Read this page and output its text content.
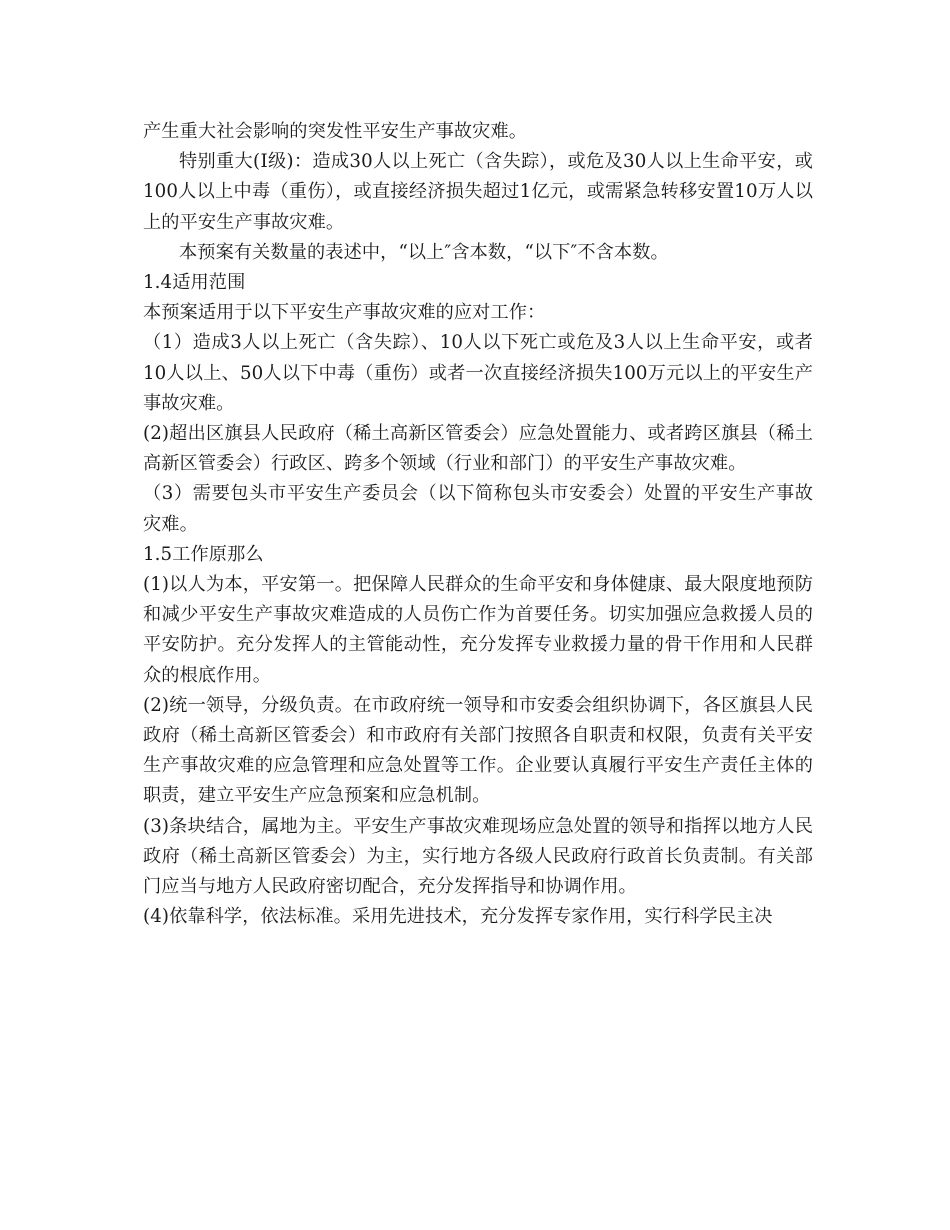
产生重大社会影响的突发性平安生产事故灾难。

特别重大(Ⅰ级)：造成30人以上死亡（含失踪），或危及30人以上生命平安，或100人以上中毒（重伤），或直接经济损失超过1亿元，或需紧急转移安置10万人以上的平安生产事故灾难。

本预案有关数量的表述中，“以上″含本数，“以下″不含本数。

1.4适用范围

本预案适用于以下平安生产事故灾难的应对工作：

（1）造成3人以上死亡（含失踪）、10人以下死亡或危及3人以上生命平安，或者10人以上、50人以下中毒（重伤）或者一次直接经济损失100万元以上的平安生产事故灾难。

(2)超出区旗县人民政府（稀土高新区管委会）应急处置能力、或者跨区旗县（稀土高新区管委会）行政区、跨多个领域（行业和部门）的平安生产事故灾难。

（3）需要包头市平安生产委员会（以下简称包头市安委会）处置的平安生产事故灾难。

1.5工作原那么

(1)以人为本，平安第一。把保障人民群众的生命平安和身体健康、最大限度地预防和减少平安生产事故灾难造成的人员伤亡作为首要任务。切实加强应急救援人员的平安防护。充分发挥人的主管能动性，充分发挥专业救援力量的骨干作用和人民群众的根底作用。

(2)统一领导，分级负责。在市政府统一领导和市安委会组织协调下，各区旗县人民政府（稀土高新区管委会）和市政府有关部门按照各自职责和权限，负责有关平安生产事故灾难的应急管理和应急处置等工作。企业要认真履行平安生产责任主体的职责，建立平安生产应急预案和应急机制。

(3)条块结合，属地为主。平安生产事故灾难现场应急处置的领导和指挥以地方人民政府（稀土高新区管委会）为主，实行地方各级人民政府行政首长负责制。有关部门应当与地方人民政府密切配合，充分发挥指导和协调作用。

(4)依靠科学，依法标准。采用先进技术，充分发挥专家作用，实行科学民主决
